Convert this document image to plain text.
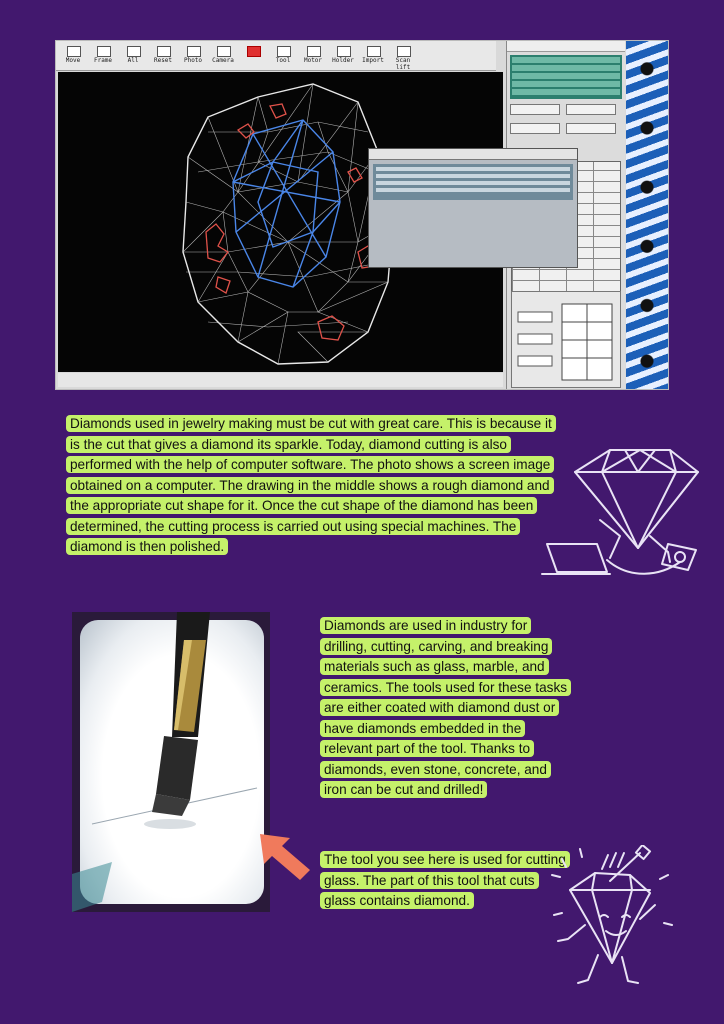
Move	Frame	All	Reset	Photo	Camera	Tool	Motor	Holder	Import	Scan lift

Diamonds used in jewelry making must be cut with great care. This is because it is the cut that gives a diamond its sparkle. Today, diamond cutting is also performed with the help of computer software. The photo shows a screen image obtained on a computer. The drawing in the middle shows a rough diamond and the appropriate cut shape for it. Once the cut shape of the diamond has been determined, the cutting process is carried out using special machines. The diamond is then polished.

Diamonds are used in industry for drilling, cutting, carving, and breaking materials such as glass, marble, and ceramics. The tools used for these tasks are either coated with diamond dust or have diamonds embedded in the relevant part of the tool. Thanks to diamonds, even stone, concrete, and iron can be cut and drilled!

The tool you see here is used for cutting glass. The part of this tool that cuts glass contains diamond.
